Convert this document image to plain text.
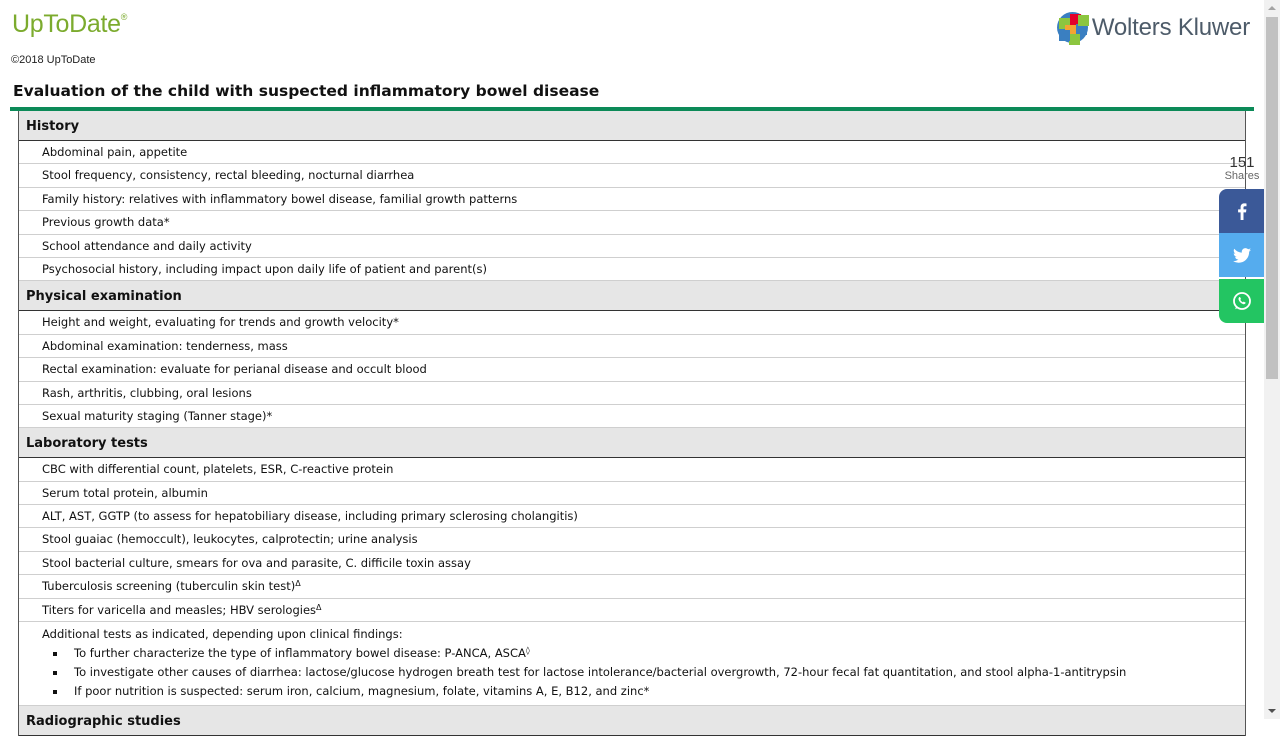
UpToDate®
©2018 UpToDate
Wolters Kluwer
Evaluation of the child with suspected inflammatory bowel disease
History
Abdominal pain, appetite
Stool frequency, consistency, rectal bleeding, nocturnal diarrhea
Family history: relatives with inflammatory bowel disease, familial growth patterns
Previous growth data*
School attendance and daily activity
Psychosocial history, including impact upon daily life of patient and parent(s)
Physical examination
Height and weight, evaluating for trends and growth velocity*
Abdominal examination: tenderness, mass
Rectal examination: evaluate for perianal disease and occult blood
Rash, arthritis, clubbing, oral lesions
Sexual maturity staging (Tanner stage)*
Laboratory tests
CBC with differential count, platelets, ESR, C-reactive protein
Serum total protein, albumin
ALT, AST, GGTP (to assess for hepatobiliary disease, including primary sclerosing cholangitis)
Stool guaiac (hemoccult), leukocytes, calprotectin; urine analysis
Stool bacterial culture, smears for ova and parasite, C. difficile toxin assay
Tuberculosis screening (tuberculin skin test)$^\Delta$
Titers for varicella and measles; HBV serologies$^\Delta$
Additional tests as indicated, depending upon clinical findings:
To further characterize the type of inflammatory bowel disease: P-ANCA, ASCA◊
To investigate other causes of diarrhea: lactose/glucose hydrogen breath test for lactose intolerance/bacterial overgrowth, 72-hour fecal fat quantitation, and stool alpha-1-antitrypsin
If poor nutrition is suspected: serum iron, calcium, magnesium, folate, vitamins A, E, B12, and zinc*
Radiographic studies
151
Shares
